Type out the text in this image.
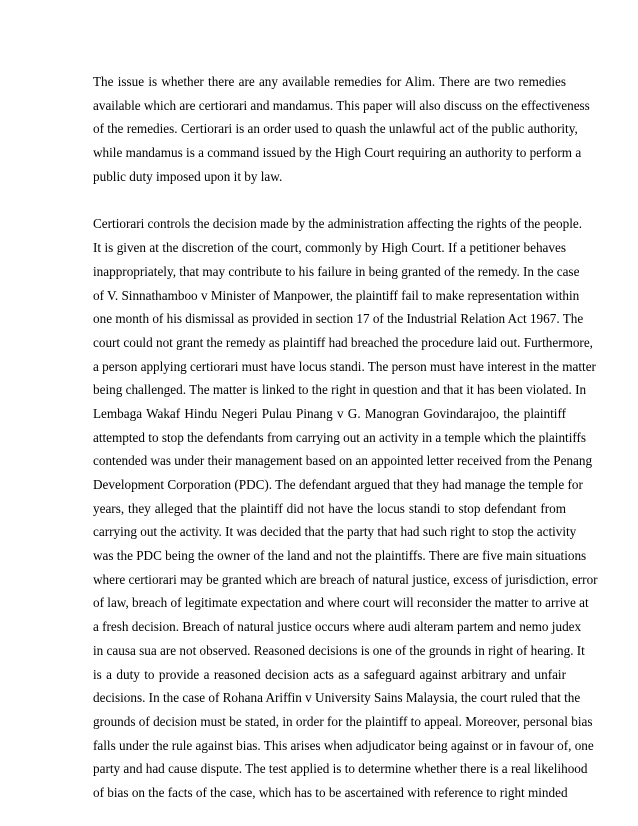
The issue is whether there are any available remedies for Alim. There are two remedies
available which are certiorari and mandamus. This paper will also discuss on the effectiveness
of the remedies. Certiorari is an order used to quash the unlawful act of the public authority,
while mandamus is a command issued by the High Court requiring an authority to perform a
public duty imposed upon it by law.

Certiorari controls the decision made by the administration affecting the rights of the people.
It is given at the discretion of the court, commonly by High Court. If a petitioner behaves
inappropriately, that may contribute to his failure in being granted of the remedy. In the case
of V. Sinnathamboo v Minister of Manpower, the plaintiff fail to make representation within
one month of his dismissal as provided in section 17 of the Industrial Relation Act 1967. The
court could not grant the remedy as plaintiff had breached the procedure laid out. Furthermore,
a person applying certiorari must have locus standi. The person must have interest in the matter
being challenged. The matter is linked to the right in question and that it has been violated. In
Lembaga Wakaf Hindu Negeri Pulau Pinang v G. Manogran Govindarajoo, the plaintiff
attempted to stop the defendants from carrying out an activity in a temple which the plaintiffs
contended was under their management based on an appointed letter received from the Penang
Development Corporation (PDC). The defendant argued that they had manage the temple for
years, they alleged that the plaintiff did not have the locus standi to stop defendant from
carrying out the activity. It was decided that the party that had such right to stop the activity
was the PDC being the owner of the land and not the plaintiffs. There are five main situations
where certiorari may be granted which are breach of natural justice, excess of jurisdiction, error
of law, breach of legitimate expectation and where court will reconsider the matter to arrive at
a fresh decision. Breach of natural justice occurs where audi alteram partem and nemo judex
in causa sua are not observed. Reasoned decisions is one of the grounds in right of hearing. It
is a duty to provide a reasoned decision acts as a safeguard against arbitrary and unfair
decisions. In the case of Rohana Ariffin v University Sains Malaysia, the court ruled that the
grounds of decision must be stated, in order for the plaintiff to appeal. Moreover, personal bias
falls under the rule against bias. This arises when adjudicator being against or in favour of, one
party and had cause dispute. The test applied is to determine whether there is a real likelihood
of bias on the facts of the case, which has to be ascertained with reference to right minded
